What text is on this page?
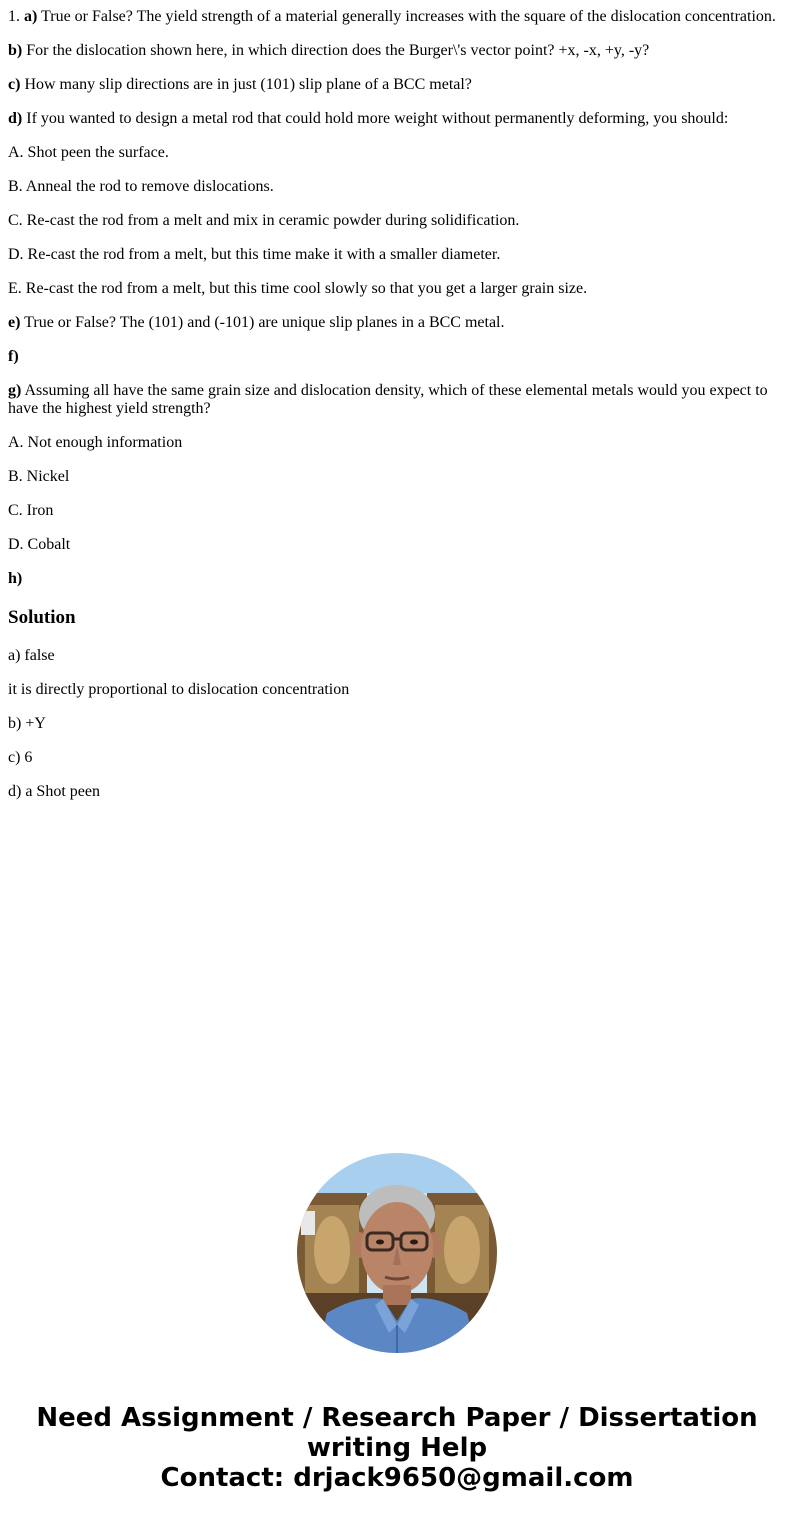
1. a) True or False? The yield strength of a material generally increases with the square of the dislocation concentration.

b) For the dislocation shown here, in which direction does the Burger\'s vector point? +x, -x, +y, -y?

c) How many slip directions are in just (101) slip plane of a BCC metal?

d) If you wanted to design a metal rod that could hold more weight without permanently deforming, you should:

A. Shot peen the surface.

B. Anneal the rod to remove dislocations.

C. Re-cast the rod from a melt and mix in ceramic powder during solidification.

D. Re-cast the rod from a melt, but this time make it with a smaller diameter.

E. Re-cast the rod from a melt, but this time cool slowly so that you get a larger grain size.

e) True or False? The (101) and (-101) are unique slip planes in a BCC metal.

f)

g) Assuming all have the same grain size and dislocation density, which of these elemental metals would you expect to have the highest yield strength?

A. Not enough information

B. Nickel

C. Iron

D. Cobalt

h)

Solution

a) false

it is directly proportional to dislocation concentration

b) +Y

c) 6

d) a Shot peen

Need Assignment / Research Paper / Dissertation
writing Help
Contact: drjack9650@gmail.com
